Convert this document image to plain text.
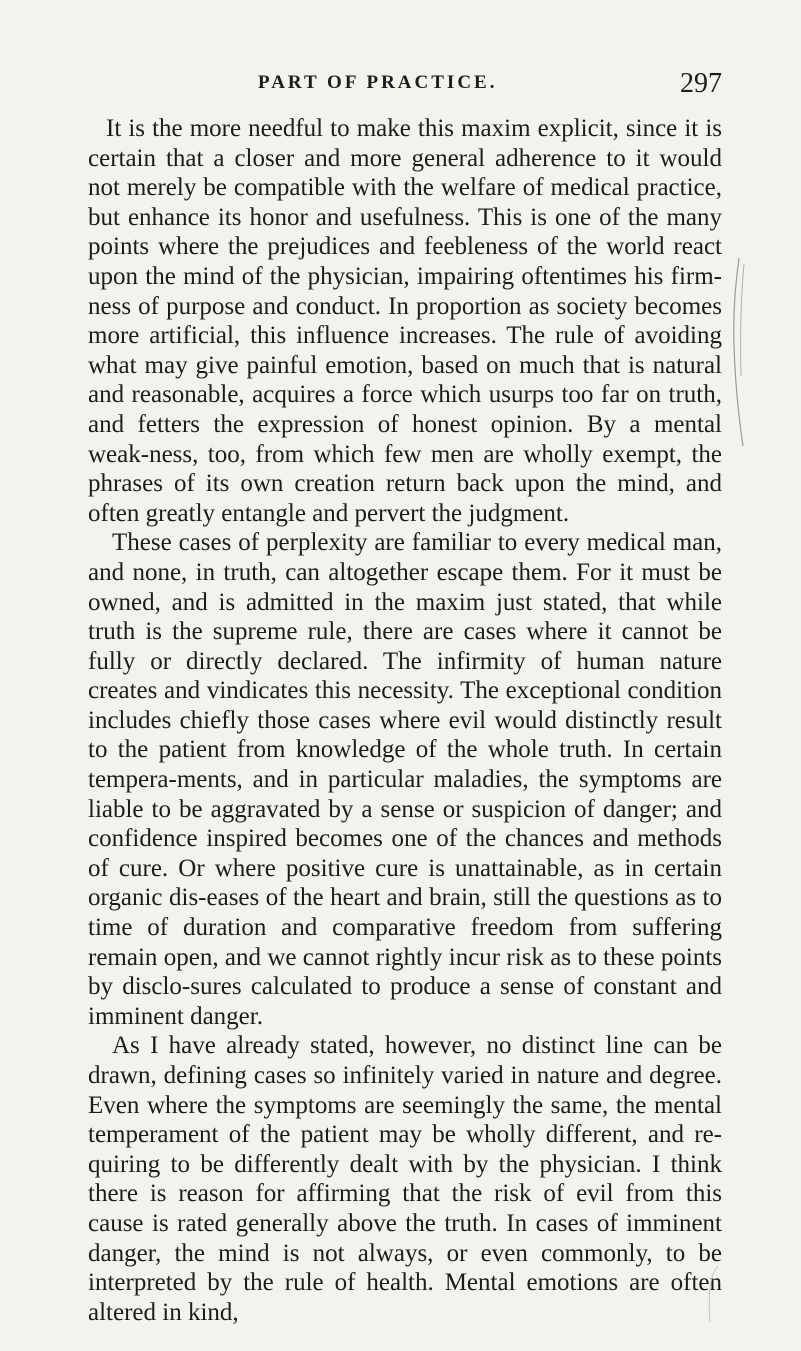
PART OF PRACTICE.	297

It is the more needful to make this maxim explicit, since it is certain that a closer and more general adherence to it would not merely be compatible with the welfare of medical practice, but enhance its honor and usefulness. This is one of the many points where the prejudices and feebleness of the world react upon the mind of the physician, impairing oftentimes his firm-ness of purpose and conduct. In proportion as society becomes more artificial, this influence increases. The rule of avoiding what may give painful emotion, based on much that is natural and reasonable, acquires a force which usurps too far on truth, and fetters the expression of honest opinion. By a mental weak-ness, too, from which few men are wholly exempt, the phrases of its own creation return back upon the mind, and often greatly entangle and pervert the judgment.

These cases of perplexity are familiar to every medical man, and none, in truth, can altogether escape them. For it must be owned, and is admitted in the maxim just stated, that while truth is the supreme rule, there are cases where it cannot be fully or directly declared. The infirmity of human nature creates and vindicates this necessity. The exceptional condition includes chiefly those cases where evil would distinctly result to the patient from knowledge of the whole truth. In certain tempera-ments, and in particular maladies, the symptoms are liable to be aggravated by a sense or suspicion of danger; and confidence inspired becomes one of the chances and methods of cure. Or where positive cure is unattainable, as in certain organic dis-eases of the heart and brain, still the questions as to time of duration and comparative freedom from suffering remain open, and we cannot rightly incur risk as to these points by disclo-sures calculated to produce a sense of constant and imminent danger.

As I have already stated, however, no distinct line can be drawn, defining cases so infinitely varied in nature and degree. Even where the symptoms are seemingly the same, the mental temperament of the patient may be wholly different, and re-quiring to be differently dealt with by the physician. I think there is reason for affirming that the risk of evil from this cause is rated generally above the truth. In cases of imminent danger, the mind is not always, or even commonly, to be interpreted by the rule of health. Mental emotions are often altered in kind,
